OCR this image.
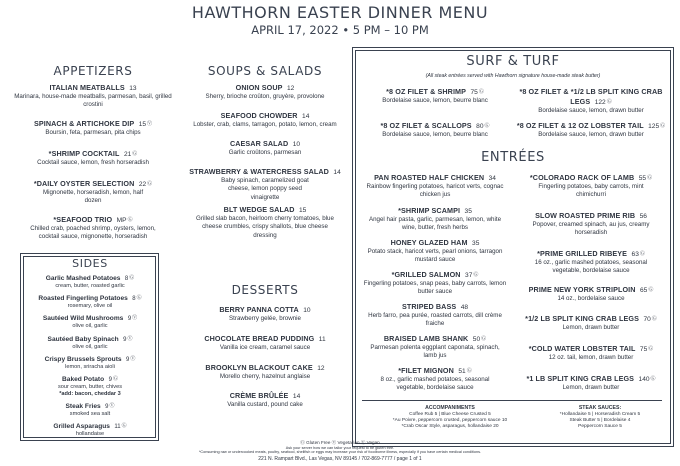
HAWTHORN EASTER DINNER MENU
APRIL 17, 2022 • 5 PM – 10 PM
APPETIZERS
ITALIAN MEATBALLS 13
Marinara, house-made meatballs, parmesan, basil, grilled crostini
SPINACH & ARTICHOKE DIP 15Ⓥ
Boursin, feta, parmesan, pita chips
*SHRIMP COCKTAIL 21Ⓖ
Cocktail sauce, lemon, fresh horseradish
*DAILY OYSTER SELECTION 22Ⓖ
Mignonette, horseradish, lemon, half dozen
*SEAFOOD TRIO MPⒼ
Chilled crab, poached shrimp, oysters, lemon, cocktail sauce, mignonette, horseradish
SIDES
Garlic Mashed Potatoes 8Ⓖ
cream, butter, roasted garlic
Roasted Fingerling Potatoes 8Ⓖ
rosemary, olive oil
Sautéed Wild Mushrooms 9Ⓥ
olive oil, garlic
Sautéed Baby Spinach 9Ⓥ
olive oil, garlic
Crispy Brussels Sprouts 9Ⓥ
lemon, sriracha aioli
Baked Potato 9Ⓖ
sour cream, butter, chives
*add: bacon, cheddar 3
Steak Fries 9Ⓥ
smoked sea salt
Grilled Asparagus 11Ⓖ
hollandaise
SOUPS & SALADS
ONION SOUP 12
Sherry, brioche croûton, gruyère, provolone
SEAFOOD CHOWDER 14
Lobster, crab, clams, tarragon, potato, lemon, cream
CAESAR SALAD 10
Garlic croûtons, parmesan
STRAWBERRY & WATERCRESS SALAD 14
Baby spinach, caramelized goat cheese, lemon poppy seed vinaigrette
BLT WEDGE SALAD 15
Grilled slab bacon, heirloom cherry tomatoes, blue cheese crumbles, crispy shallots, blue cheese dressing
DESSERTS
BERRY PANNA COTTA 10
Strawberry gelée, brownie
CHOCOLATE BREAD PUDDING 11
Vanilla ice cream, caramel sauce
BROOKLYN BLACKOUT CAKE 12
Morello cherry, hazelnut anglaise
CRÈME BRÛLÉE 14
Vanilla custard, pound cake
SURF & TURF
(All steak entrées served with Hawthorn signature house-made steak butter)
*8 OZ FILET & SHRIMP 75Ⓖ
Bordelaise sauce, lemon, beurre blanc
*8 OZ FILET & *1/2 LB SPLIT KING CRAB LEGS 122Ⓖ
Bordelaise sauce, lemon, drawn butter
*8 OZ FILET & SCALLOPS 80Ⓖ
Bordelaise sauce, lemon, beurre blanc
*8 OZ FILET & 12 OZ LOBSTER TAIL 125Ⓖ
Bordelaise sauce, lemon, drawn butter
ENTRÉES
PAN ROASTED HALF CHICKEN 34
Rainbow fingerling potatoes, haricot verts, cognac chicken jus
*SHRIMP SCAMPI 35
Angel hair pasta, garlic, parmesan, lemon, white wine, butter, fresh herbs
HONEY GLAZED HAM 35
Potato stack, haricot verts, pearl onions, tarragon mustard sauce
*GRILLED SALMON 37Ⓖ
Fingerling potatoes, snap peas, baby carrots, lemon butter sauce
STRIPED BASS 48
Herb farro, pea purée, roasted carrots, dill crème fraiche
BRAISED LAMB SHANK 50Ⓖ
Parmesan polenta eggplant caponata, spinach, lamb jus
*FILET MIGNON 51Ⓖ
8 oz., garlic mashed potatoes, seasonal vegetable, bordelaise sauce
*COLORADO RACK OF LAMB 55Ⓖ
Fingerling potatoes, baby carrots, mint chimichurri
SLOW ROASTED PRIME RIB 56
Popover, creamed spinach, au jus, creamy horseradish
*PRIME GRILLED RIBEYE 63Ⓖ
16 oz., garlic mashed potatoes, seasonal vegetable, bordelaise sauce
PRIME NEW YORK STRIPLOIN 65Ⓖ
14 oz., bordelaise sauce
*1/2 LB SPLIT KING CRAB LEGS 70Ⓖ
Lemon, drawn butter
*COLD WATER LOBSTER TAIL 75Ⓖ
12 oz. tail, lemon, drawn butter
*1 LB SPLIT KING CRAB LEGS 140Ⓖ
Lemon, drawn butter
ACCOMPANIMENTS
Coffee Rub 5 | Blue Cheese Crusted 5
*Au Poivre, peppercorn crusted, peppercorn sauce 10
*Crab Oscar Style, asparagus, hollandaise 20
STEAK SAUCES:
*Hollandaise 5 | Horseradish Cream 5
Steak Butter 5 | Bordelaise 4
Peppercorn Sauce 5
Ⓖ Gluten Free Ⓥ Vegetarian Ⓥ Vegan
Ask your server how we can tailor your request to be gluten free.
*Consuming raw or undercooked meats, poultry, seafood, shellfish or eggs may increase your risk of foodborne illness, especially if you have certain medical conditions.
221 N. Rampart Blvd., Las Vegas, NV 89145 / 702-869-7777 / page 1 of 1
